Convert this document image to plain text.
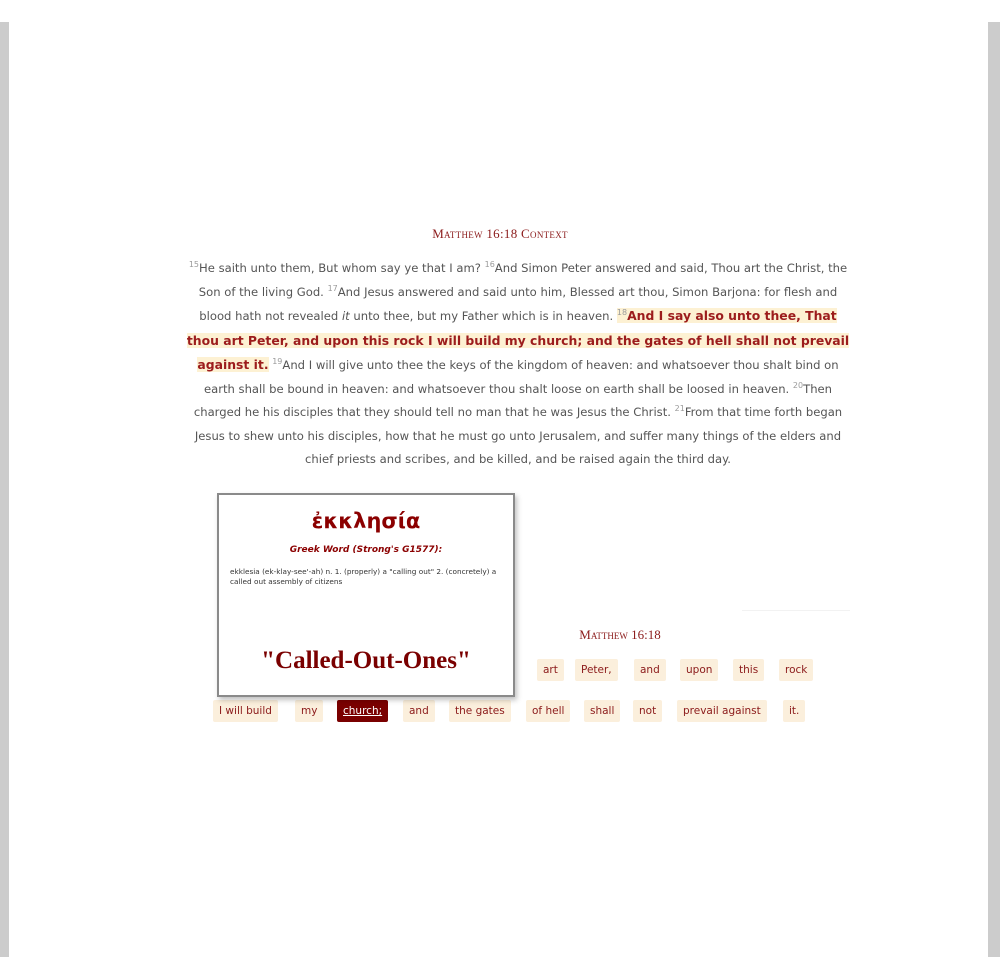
Matthew 16:18 Context
$^{15}$He saith unto them, But whom say ye that I am? $^{16}$And Simon Peter answered and said, Thou art the Christ, the Son of the living God. $^{17}$And Jesus answered and said unto him, Blessed art thou, Simon Barjona: for flesh and blood hath not revealed it unto thee, but my Father which is in heaven. $^{18}$And I say also unto thee, That thou art Peter, and upon this rock I will build my church; and the gates of hell shall not prevail against it. $^{19}$And I will give unto thee the keys of the kingdom of heaven: and whatsoever thou shalt bind on earth shall be bound in heaven: and whatsoever thou shalt loose on earth shall be loosed in heaven. $^{20}$Then charged he his disciples that they should tell no man that he was Jesus the Christ. $^{21}$From that time forth began Jesus to shew unto his disciples, how that he must go unto Jerusalem, and suffer many things of the elders and chief priests and scribes, and be killed, and be raised again the third day.
Matthew 16:18
art	Peter,	and	upon	this	rock
I will build	my	church;	and	the gates	of hell	shall	not	prevail against	it.
ἐκκλησία
Greek Word (Strong's G1577):
ekklesia (ek-klay-see'-ah) n. 1. (properly) a "calling out" 2. (concretely) a called out assembly of citizens
"Called-Out-Ones"
